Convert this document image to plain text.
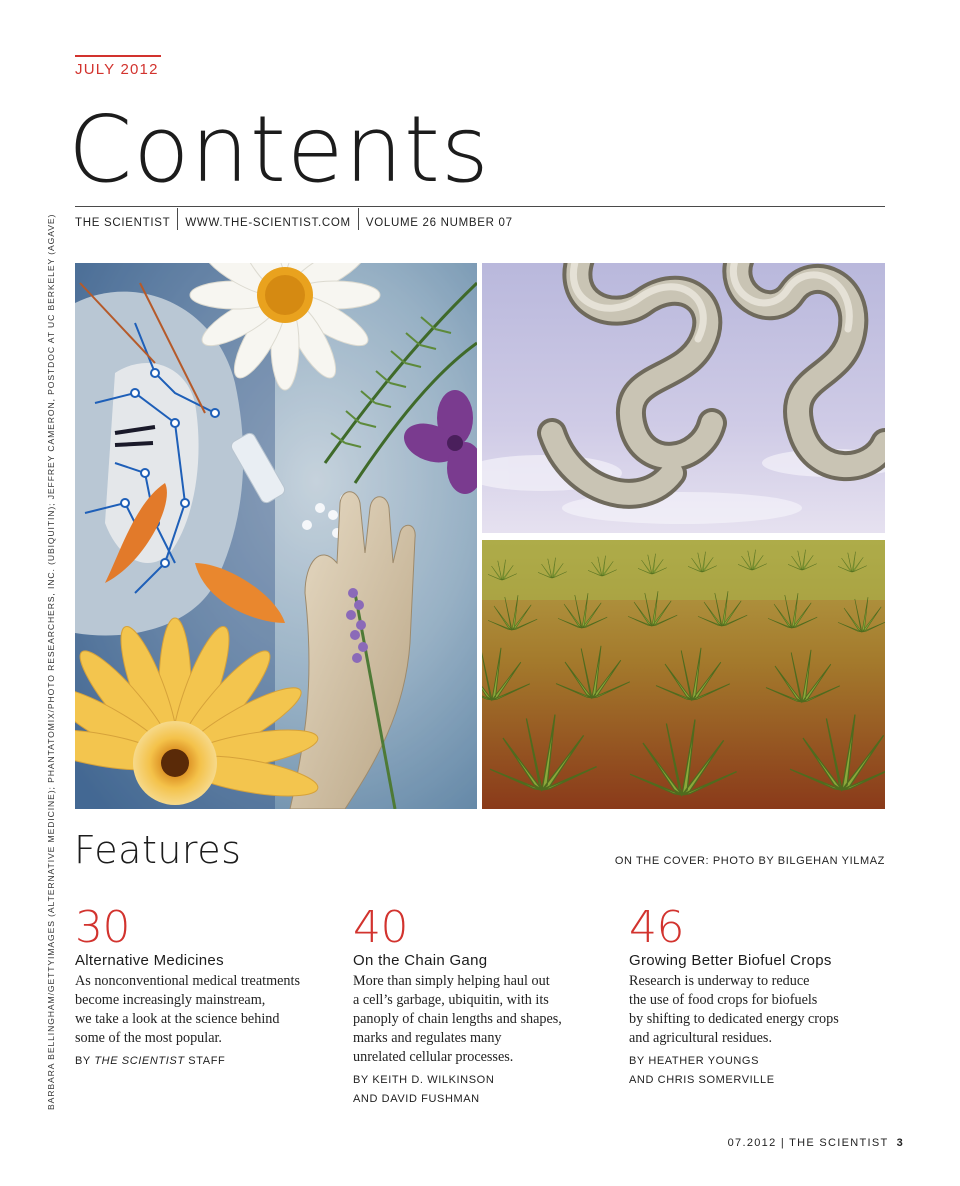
JULY 2012
Contents
THE SCIENTIST	WWW.THE-SCIENTIST.COM	VOLUME 26 NUMBER 07
BARBARA BELLINGHAM/GETTYIMAGES (ALTERNATIVE MEDICINE); PHANTATOMIX/PHOTO RESEARCHERS, INC. (UBIQUITIN); JEFFREY CAMERON, POSTDOC AT UC BERKELEY (AGAVE) Features	ON THE COVER: PHOTO BY BILGEHAN YILMAZ
30
Alternative Medicines
As nonconventional medical treatments
become increasingly mainstream,
we take a look at the science behind
some of the most popular.
BY THE SCIENTIST STAFF
40
On the Chain Gang
More than simply helping haul out
a cell’s garbage, ubiquitin, with its
panoply of chain lengths and shapes,
marks and regulates many
unrelated cellular processes.
BY KEITH D. WILKINSON
AND DAVID FUSHMAN
46
Growing Better Biofuel Crops
Research is underway to reduce
the use of food crops for biofuels
by shifting to dedicated energy crops
and agricultural residues.
BY HEATHER YOUNGS
AND CHRIS SOMERVILLE
07.2012 | THE SCIENTIST 3
